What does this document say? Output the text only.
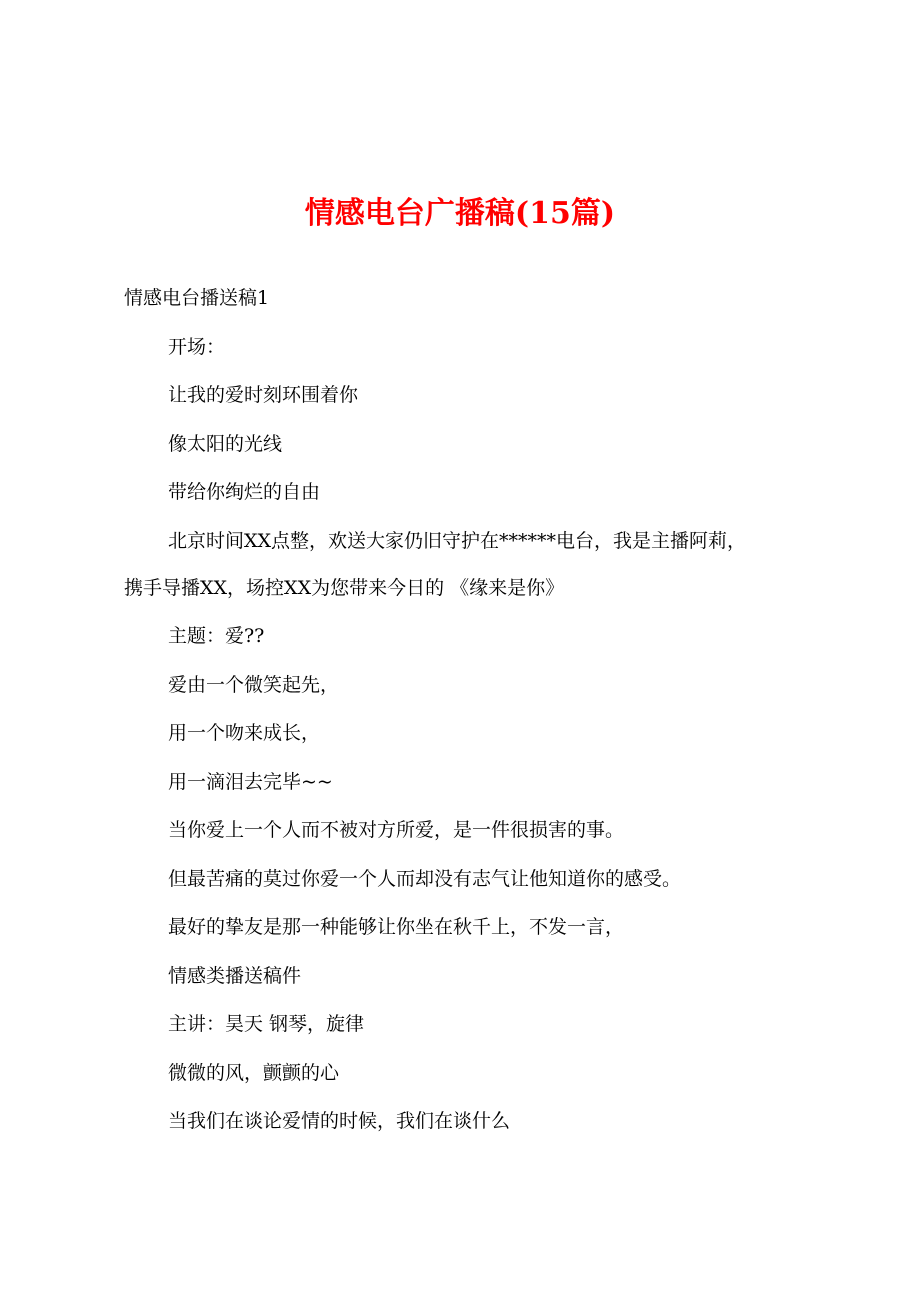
情感电台广播稿(15篇)
情感电台播送稿1

开场：

让我的爱时刻环围着你

像太阳的光线

带给你绚烂的自由

北京时间XX点整，欢送大家仍旧守护在******电台，我是主播阿莉，
携手导播XX，场控XX为您带来今日的 《缘来是你》

主题：爱??

爱由一个微笑起先，

用一个吻来成长，

用一滴泪去完毕~~

当你爱上一个人而不被对方所爱，是一件很损害的事。

但最苦痛的莫过你爱一个人而却没有志气让他知道你的感受。

最好的挚友是那一种能够让你坐在秋千上，不发一言，

情感类播送稿件

主讲：昊天 钢琴，旋律

微微的风，颤颤的心

当我们在谈论爱情的时候，我们在谈什么
